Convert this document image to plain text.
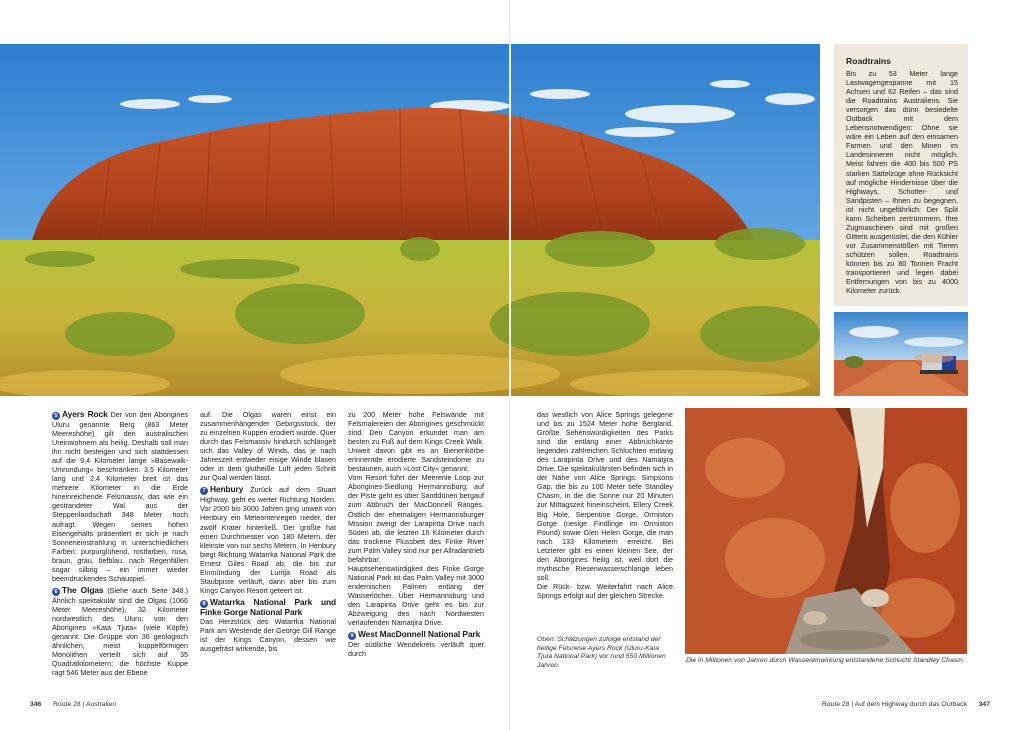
Roadtrains
Bis zu 53 Meter lange Lastwagengespanne mit 15 Achsen und 62 Reifen – das sind die Roadtrains Australiens. Sie versorgen das dünn besiedelte Outback mit dem Lebensnotwendigen: Ohne sie wäre ein Leben auf den einsamen Farmen und den Minen im Landesinneren nicht möglich. Meist fahren die 400 bis 500 PS starken Sattelzüge ohne Rücksicht auf mögliche Hindernisse über die Highways, Schotter- und Sandpisten – Ihnen zu begegnen, ist nicht ungefährlich: Der Split kann Scheiben zertrümmern. Ihre Zugmaschinen sind mit großen Gittern ausgerüstet, die den Kühler vor Zusammenstößen mit Tieren schützen sollen. Roadtrains können bis zu 80 Tonnen Fracht transportieren und legen dabei Entfernungen von bis zu 4000 Kilometer zurück.

5 Ayers Rock Der von den Aborigines Uluru genannte Berg (863 Meter Meereshöhe) gilt den australischen Ureinwohnern als heilig. Deshalb soll man ihn nicht besteigen und sich stattdessen auf die 9,4 Kilometer lange »Basewalk-Umrundung« beschränken. 3,5 Kilometer lang und 2,4 Kilometer breit ist das mehrere Kilometer in die Erde hineinreichende Felsmassiv, das wie ein gestrandeter Wal aus der Steppenlandschaft 348 Meter hoch aufragt. Wegen seines hohen Eisengehalts präsentiert er sich je nach Sonneneinstrahlung in unterschiedlichen Farben: purpurglühend, rostfarben, rosa, braun, grau, tiefblau, nach Regenfällen sogar silbrig – ein immer wieder beeindruckendes Schauspiel.

6 The Olgas (Siehe auch Seite 348.) Ähnlich spektakulär sind die Olgas (1066 Meter Meereshöhe), 32 Kilometer nordwestlich des Uluru, von den Aborigines »Kata Tjuta« (viele Köpfe) genannt. Die Gruppe von 36 geologisch ähnlichen, meist kuppelförmigen Monolithen verteilt sich auf 35 Quadratkilometern; die höchste Kuppe ragt 546 Meter aus der Ebene

auf. Die Olgas waren einst ein zusammenhängender Gebirgsstock, der zu einzelnen Kuppen erodiert wurde. Quer durch das Felsmassiv hindurch schlängelt sich das Valley of Winds, das je nach Jahreszeit entweder eisige Winde blasen oder in dem glutheiße Luft jeden Schritt zur Qual werden lässt.

7 Henbury Zurück auf dem Stuart Highway, geht es weiter Richtung Norden. Vor 2000 bis 3000 Jahren ging unweit von Henbury ein Meteoritenregen nieder, der zwölf Krater hinterließ. Der größte hat einen Durchmesser von 180 Metern, der kleinste von nur sechs Metern. In Henbury biegt Richtung Watarrka National Park die Ernest Giles Road ab, die bis zur Einmündung der Luritja Road als Staubpiste verläuft, dann aber bis zum Kings Canyon Resort geteert ist.

8 Watarrka National Park und Finke Gorge National Park
Das Herzstück des Watarrka National Park am Westende der George Gill Range ist der Kings Canyon, dessen wie ausgefräst wirkende, bis

zu 200 Meter hohe Felswände mit Felsmalereien der Aborigines geschmückt sind. Den Canyon erkundet man am besten zu Fuß auf dem Kings Creek Walk. Unweit davon gibt es an Bienenkörbe erinnernde erodierte Sandsteindome zu bestaunen, auch »Lost City« genannt.

Vom Resort führt der Meerenie Loop zur Aborigines-Siedlung Hermannsburg; auf der Piste geht es über Sanddünen bergauf zum Abbruch der MacDonnell Ranges. Östlich der ehemaligen Hermannsburger Mission zweigt der Larapinta Drive nach Süden ab, die letzten 16 Kilometer durch das trockene Flussbett des Finke River zum Palm Valley sind nur per Allradantrieb befahrbar.

Hauptsehenswürdigkeit des Finke Gorge National Park ist das Palm Valley mit 3000 endemischen Palmen entlang der Wasserlöcher. Über Hermannsburg und den Larapinta Drive geht es bis zur Abzweigung des nach Nordwesten verlaufenden Namatjira Drive.

9 West MacDonnell National Park
Der südliche Wendekreis verläuft quer durch

das westlich von Alice Springs gelegene und bis zu 1524 Meter hohe Bergland. Größte Sehenswürdigkeiten des Parks sind die entlang einer Abbruchkante liegenden zahlreichen Schluchten entlang des Larapinta Drive und des Namatjira Drive. Die spektakulärsten befinden sich in der Nähe von Alice Springs: Simpsons Gap, die bis zu 100 Meter tiefe Standley Chasm, in die die Sonne nur 20 Minuten zur Mittagszeit hineinscheint, Ellery Creek Big Hole, Serpentine Gorge, Ormiston Gorge (riesige Findlinge im Ormiston Pound) sowie Glen Helen Gorge, die man nach 133 Kilometern erreicht. Bei Letzterer gibt es einen kleinen See, der den Aborigines heilig ist, weil dort die mythische Riesenwasserschlange leben soll.

Die Rück- bzw. Weiterfahrt nach Alice Springs erfolgt auf der gleichen Strecke.

Oben: Schätzungen zufolge entstand der heilige Felsriese Ayers Rock (Uluru-Kata Tjuta National Park) vor rund 550 Millionen Jahren.
Die in Millionen von Jahren durch Wassereinwirkung entstandene Schlucht Standley Chasm.
346 Route 28 | Australien	Route 28 | Auf dem Highway durch das Outback 347
